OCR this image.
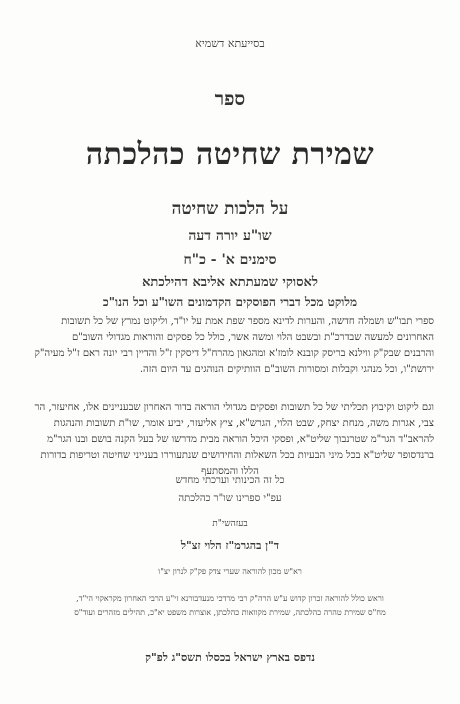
בסייעתא דשמיא
ספר
שמירת שחיטה כהלכתה
על הלכות שחיטה
שו"ע יורה דעה
סימנים א' - כ"ח
לאסוקי שמעתתא אליבא דהילכתא
מלוקט מכל דברי הפוסקים הקדמונים השו"ע וכל הנו"כ
ספרי תבו"ש ושמלה חדשה, והערות לדינא מספר שפת אמת על יו"ד, וליקוט נמרץ של כל תשובות
האחרונים למעשה שבדרכ"ת ובשבט הלוי ומשה אשר, כולל כל פסקים והוראות מגדולי השוב"ם
והרבנים שבק"ק ווילנא בריסק קובנא לומז'א ומהגאון מהרח"ל דיסקין ז"ל והדיין רבי יונה ראם ז"ל מעיה"ק
ירושת"ו, וכל מנהגי וקבלות ומסורות השוב"ם הוותיקים הנוהגים עד היום הזה.
וגם ליקוט וקיבוץ תכליתי של כל תשובות ופסקים מגדולי הוראה בדור האחרון שבעניינים אלו, אחיעזר, הר
צבי, אגרות משה, מנחת יצחק, שבט הלוי, הגרש"א, ציץ אליעזר, יביע אומר, שו"ת תשובות והנהגות
להראב"ד הגר"מ שטרנבוך שליט"א, ופסקי היכל הוראה מבית מדרשו של בעל הקנה בושם ובנו הגר"מ
ברנדסופר שליט"א בכל מיני הבעיות בכל השאלות והחידושים שנתעוררו בענייני שחיטה וטריפות בדורות
הללו והמסתעף
כל זה הכינותי וערכתי מחדש
עפ"י ספרינו שו"ר כהלכתה
בעזהשי"ת
ד"ן בהגרמ"ז הלוי זצ"ל
רא"ש מכון להוראה שערי צדק פק"ק לנרון יצ"ו
וראש כולל להוראה זכרון קדוש ע"ש הרה"ק רבי מרדכי מנעדבורנא זי"ע הרבי האחרון מקראקוי הי"ד,
מח"ס שמירת טהרה כהלכתה, שמירת מקוואות כהלכתן, אוצרות משפט יא"כ, תהילים מזהרים ועוד"ס
נדפס בארץ ישראל בכסלו תשס"ג לפ"ק
